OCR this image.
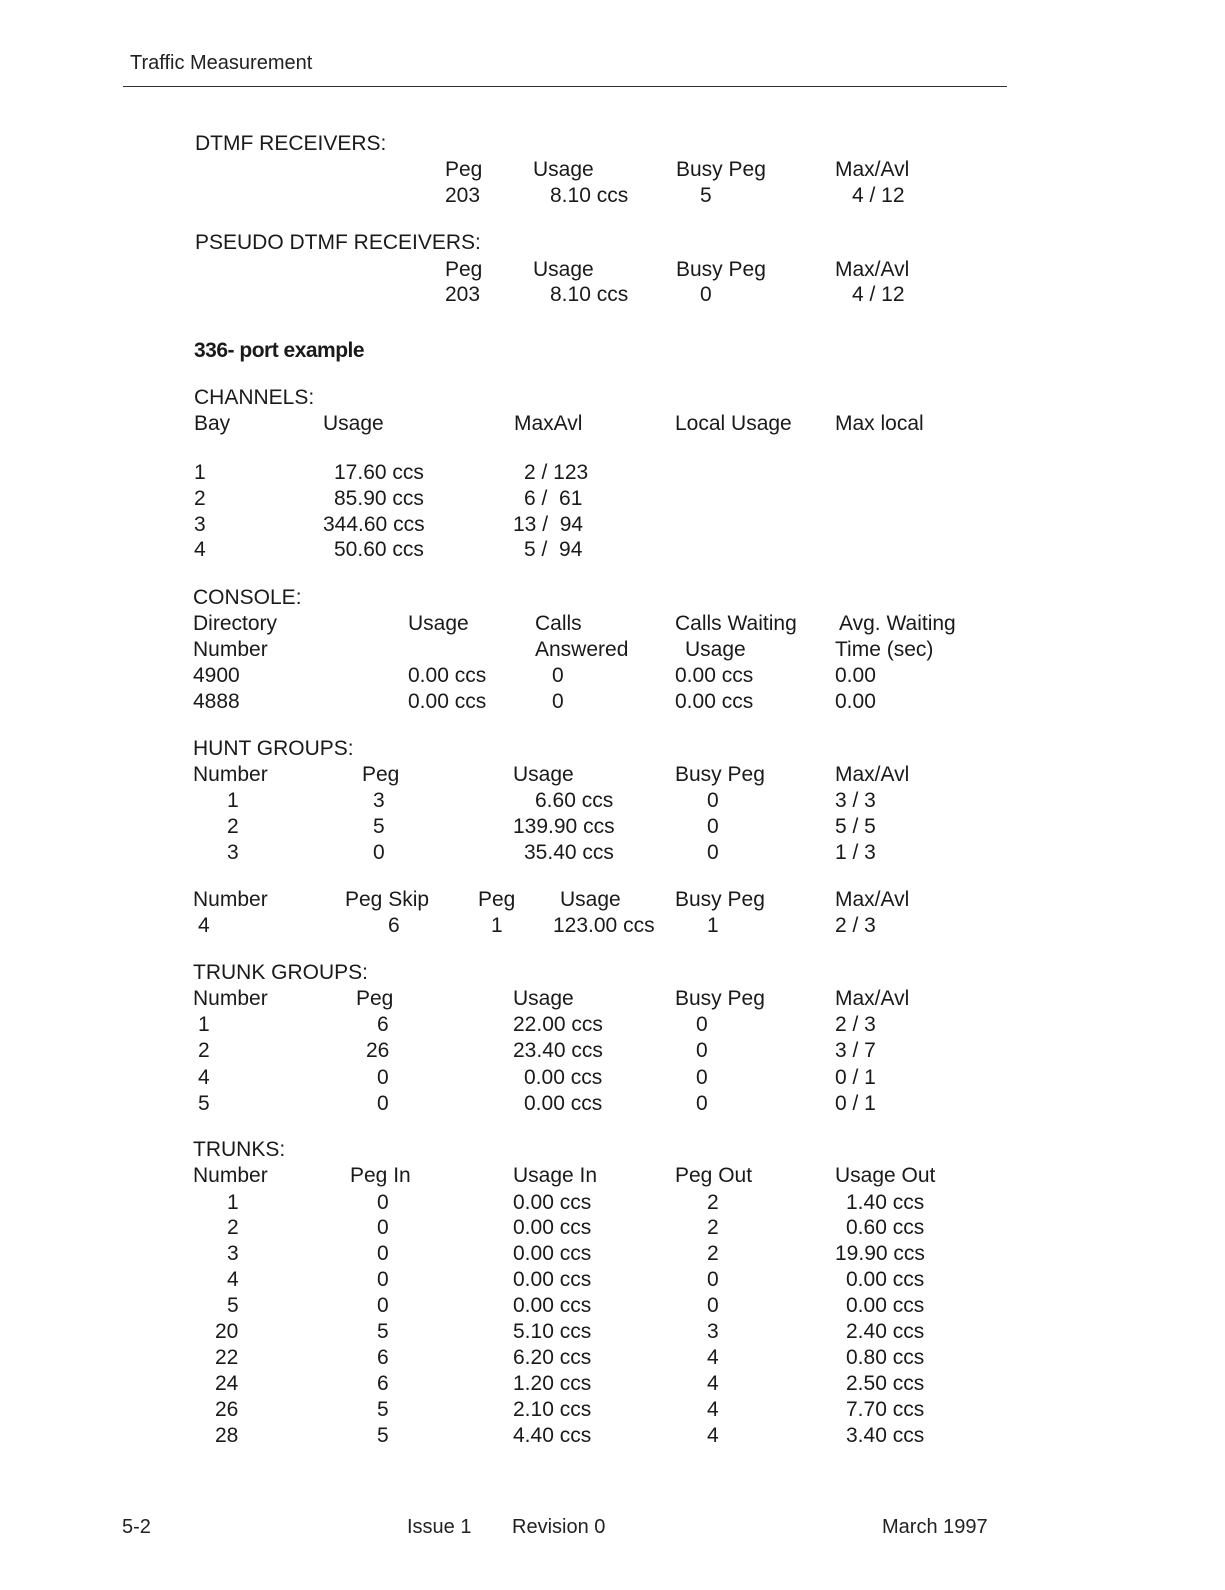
Traffic Measurement
DTMF RECEIVERS:
Peg Usage	Busy Peg	Max/Avl
203	8.10 ccs	5	4 / 12
PSEUDO DTMF RECEIVERS:
Peg Usage	Busy Peg	Max/Avl
203	8.10 ccs	0	4 / 12
336- port example
CHANNELS:
Bay	Usage	MaxAvl	Local Usage Max local
1	17.60 ccs	2 / 123
2	85.90 ccs	6 /  61
3	344.60 ccs	13 /  94
4	50.60 ccs	5 /  94
CONSOLE:
Directory	Usage	Calls	Calls Waiting Avg. Waiting
Number	Answered	Usage	Time (sec)
4900	0.00 ccs	0	0.00 ccs	0.00
4888	0.00 ccs	0	0.00 ccs	0.00
HUNT GROUPS:
Number	Peg	Usage	Busy Peg	Max/Avl
1	3	6.60 ccs	0	3 / 3
2	5	139.90 ccs	0	5 / 5
3	0	35.40 ccs	0	1 / 3
Number	Peg Skip Peg Usage	Busy Peg	Max/Avl
4	6	1 123.00 ccs 1	2 / 3
TRUNK GROUPS:
Number	Peg	Usage	Busy Peg	Max/Avl
1	6	22.00 ccs	0	2 / 3
2	26	23.40 ccs	0	3 / 7
4	0	0.00 ccs	0	0 / 1
5	0	0.00 ccs	0	0 / 1
TRUNKS:
Number	Peg In	Usage In	Peg Out	Usage Out
1	0	0.00 ccs	2	1.40 ccs
2	0	0.00 ccs	2	0.60 ccs
3	0	0.00 ccs	2	19.90 ccs
4	0	0.00 ccs	0	0.00 ccs
5	0	0.00 ccs	0	0.00 ccs
20	5	5.10 ccs	3	2.40 ccs
22	6	6.20 ccs	4	0.80 ccs
24	6	1.20 ccs	4	2.50 ccs
26	5	2.10 ccs	4	7.70 ccs
28	5	4.40 ccs	4	3.40 ccs
5-2	Issue 1 Revision 0	March 1997
